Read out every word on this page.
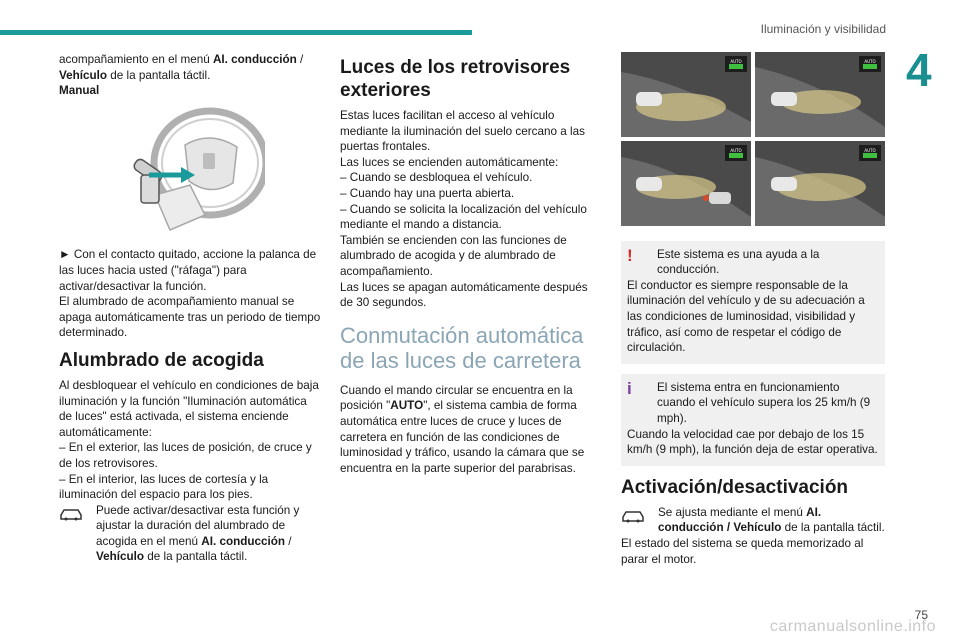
Iluminación y visibilidad
4

acompañamiento en el menú AI. conducción / Vehículo de la pantalla táctil.

Manual

► Con el contacto quitado, accione la palanca de las luces hacia usted ("ráfaga") para activar/desactivar la función.

El alumbrado de acompañamiento manual se apaga automáticamente tras un periodo de tiempo determinado.

Alumbrado de acogida

Al desbloquear el vehículo en condiciones de baja iluminación y la función "Iluminación automática de luces" está activada, el sistema enciende automáticamente:

– En el exterior, las luces de posición, de cruce y de los retrovisores.

– En el interior, las luces de cortesía y la iluminación del espacio para los pies.

Puede activar/desactivar esta función y ajustar la duración del alumbrado de acogida en el menú AI. conducción / Vehículo de la pantalla táctil.

Luces de los retrovisores exteriores

Estas luces facilitan el acceso al vehículo mediante la iluminación del suelo cercano a las puertas frontales.

Las luces se encienden automáticamente:

– Cuando se desbloquea el vehículo.

– Cuando hay una puerta abierta.

– Cuando se solicita la localización del vehículo mediante el mando a distancia.

También se encienden con las funciones de alumbrado de acogida y de alumbrado de acompañamiento.

Las luces se apagan automáticamente después de 30 segundos.

Conmutación automática de las luces de carretera

Cuando el mando circular se encuentra en la posición "AUTO", el sistema cambia de forma automática entre luces de cruce y luces de carretera en función de las condiciones de luminosidad y tráfico, usando la cámara que se encuentra en la parte superior del parabrisas.

AUTO	AUTO
AUTO	AUTO
!	Este sistema es una ayuda a la conducción.

El conductor es siempre responsable de la iluminación del vehículo y de su adecuación a las condiciones de luminosidad, visibilidad y tráfico, así como de respetar el código de circulación.

i	El sistema entra en funcionamiento cuando el vehículo supera los 25 km/h (9 mph).

Cuando la velocidad cae por debajo de los 15 km/h (9 mph), la función deja de estar operativa.

Activación/desactivación

Se ajusta mediante el menú AI. conducción / Vehículo de la pantalla táctil.

El estado del sistema se queda memorizado al parar el motor.

carmanualsonline.info
75
